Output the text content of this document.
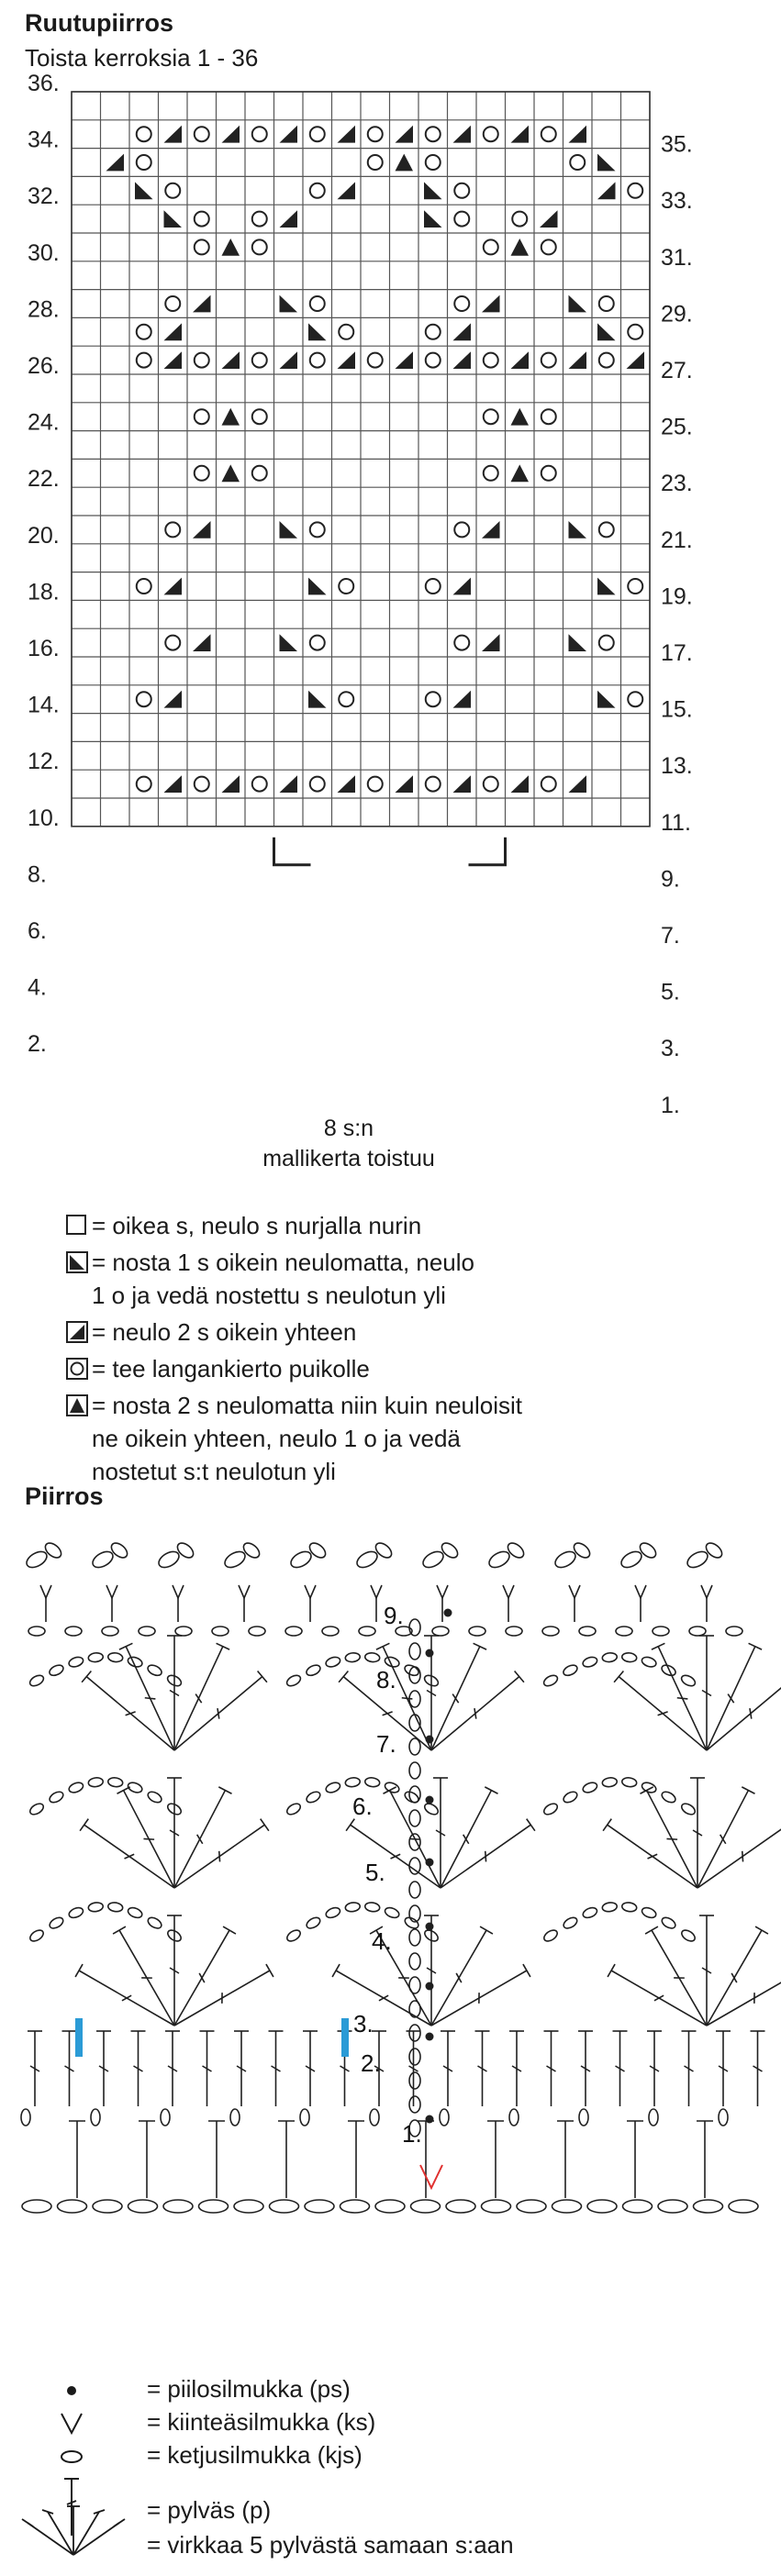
Ruutupiirros
Toista kerroksia 1 - 36
36.
34.
32.
30.
28.
26.
24.
22.
20.
18.
16.
14.
12.
10.
8.
6.
4.
2.
35.
33.
31.
29.
27.
25.
23.
21.
19.
17.
15.
13.
11.
9.
7.
5.
3.
1.
8 s:n
mallikerta toistuu
= oikea s, neulo s nurjalla nurin
= nosta 1 s oikein neulomatta, neulo
1 o ja vedä nostettu s neulotun yli
= neulo 2 s oikein yhteen
= tee langankierto puikolle
= nosta 2 s neulomatta niin kuin neuloisit
ne oikein yhteen, neulo 1 o ja vedä
nostetut s:t neulotun yli
Piirros
9.
8.
7.
6.
5.
4.
3.
2.
1.
= piilosilmukka (ps)
= kiinteäsilmukka (ks)
= ketjusilmukka (kjs)
= pylväs (p)
= virkkaa 5 pylvästä samaan s:aan
